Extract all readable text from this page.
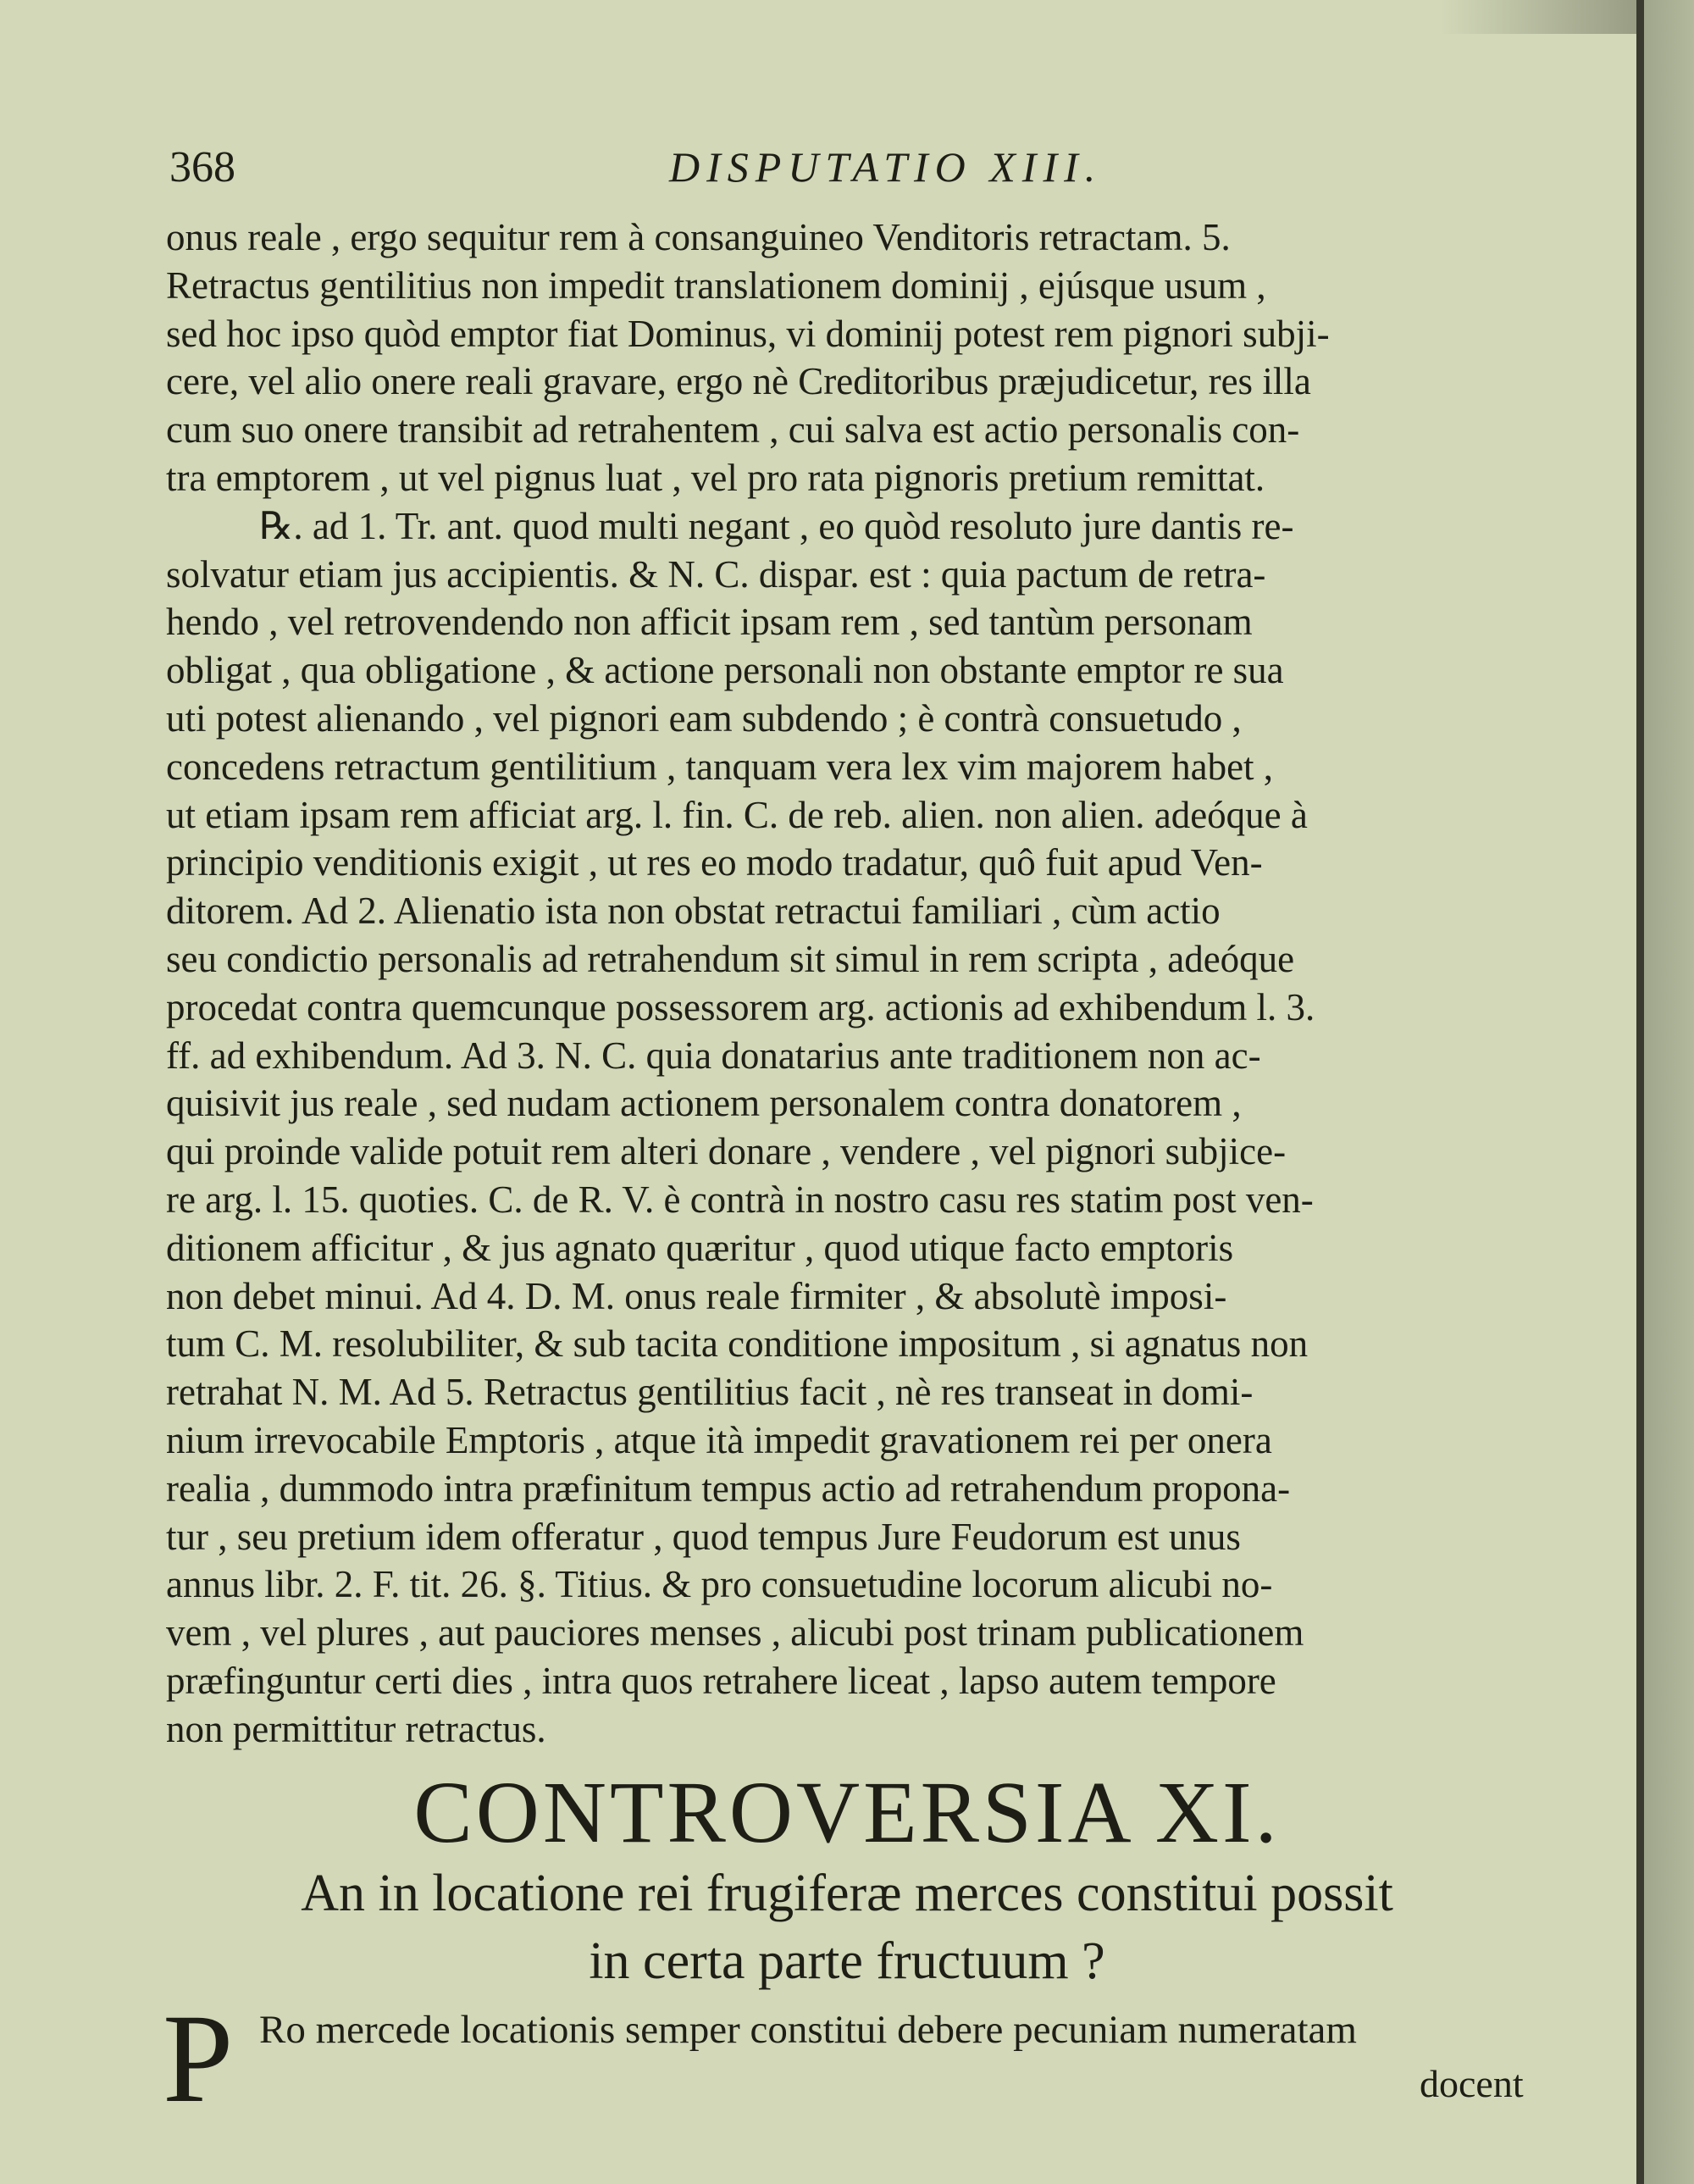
368	DISPUTATIO XIII.
onus reale , ergo sequitur rem à consanguineo Venditoris retractam. 5.
Retractus gentilitius non impedit translationem dominij , ejúsque usum ,
sed hoc ipso quòd emptor fiat Dominus, vi dominij potest rem pignori subji-
cere, vel alio onere reali gravare, ergo nè Creditoribus præjudicetur, res illa
cum suo onere transibit ad retrahentem , cui salva est actio personalis con-
tra emptorem , ut vel pignus luat , vel pro rata pignoris pretium remittat.
℞. ad 1. Tr. ant. quod multi negant , eo quòd resoluto jure dantis re-
solvatur etiam jus accipientis. & N. C. dispar. est : quia pactum de retra-
hendo , vel retrovendendo non afficit ipsam rem , sed tantùm personam
obligat , qua obligatione , & actione personali non obstante emptor re sua
uti potest alienando , vel pignori eam subdendo ; è contrà consuetudo ,
concedens retractum gentilitium , tanquam vera lex vim majorem habet ,
ut etiam ipsam rem afficiat arg. l. fin. C. de reb. alien. non alien. adeóque à
principio venditionis exigit , ut res eo modo tradatur, quô fuit apud Ven-
ditorem. Ad 2. Alienatio ista non obstat retractui familiari , cùm actio
seu condictio personalis ad retrahendum sit simul in rem scripta , adeóque
procedat contra quemcunque possessorem arg. actionis ad exhibendum l. 3.
ff. ad exhibendum. Ad 3. N. C. quia donatarius ante traditionem non ac-
quisivit jus reale , sed nudam actionem personalem contra donatorem ,
qui proinde valide potuit rem alteri donare , vendere , vel pignori subjice-
re arg. l. 15. quoties. C. de R. V. è contrà in nostro casu res statim post ven-
ditionem afficitur , & jus agnato quæritur , quod utique facto emptoris
non debet minui. Ad 4. D. M. onus reale firmiter , & absolutè imposi-
tum C. M. resolubiliter, & sub tacita conditione impositum , si agnatus non
retrahat N. M. Ad 5. Retractus gentilitius facit , nè res transeat in domi-
nium irrevocabile Emptoris , atque ità impedit gravationem rei per onera
realia , dummodo intra præfinitum tempus actio ad retrahendum propona-
tur , seu pretium idem offeratur , quod tempus Jure Feudorum est unus
annus libr. 2. F. tit. 26. §. Titius. & pro consuetudine locorum alicubi no-
vem , vel plures , aut pauciores menses , alicubi post trinam publicationem
præfinguntur certi dies , intra quos retrahere liceat , lapso autem tempore
non permittitur retractus.
CONTROVERSIA XI.
An in locatione rei frugiferæ merces constitui possit
in certa parte fructuum ?
P Ro mercede locationis semper constitui debere pecuniam numeratam
docent
